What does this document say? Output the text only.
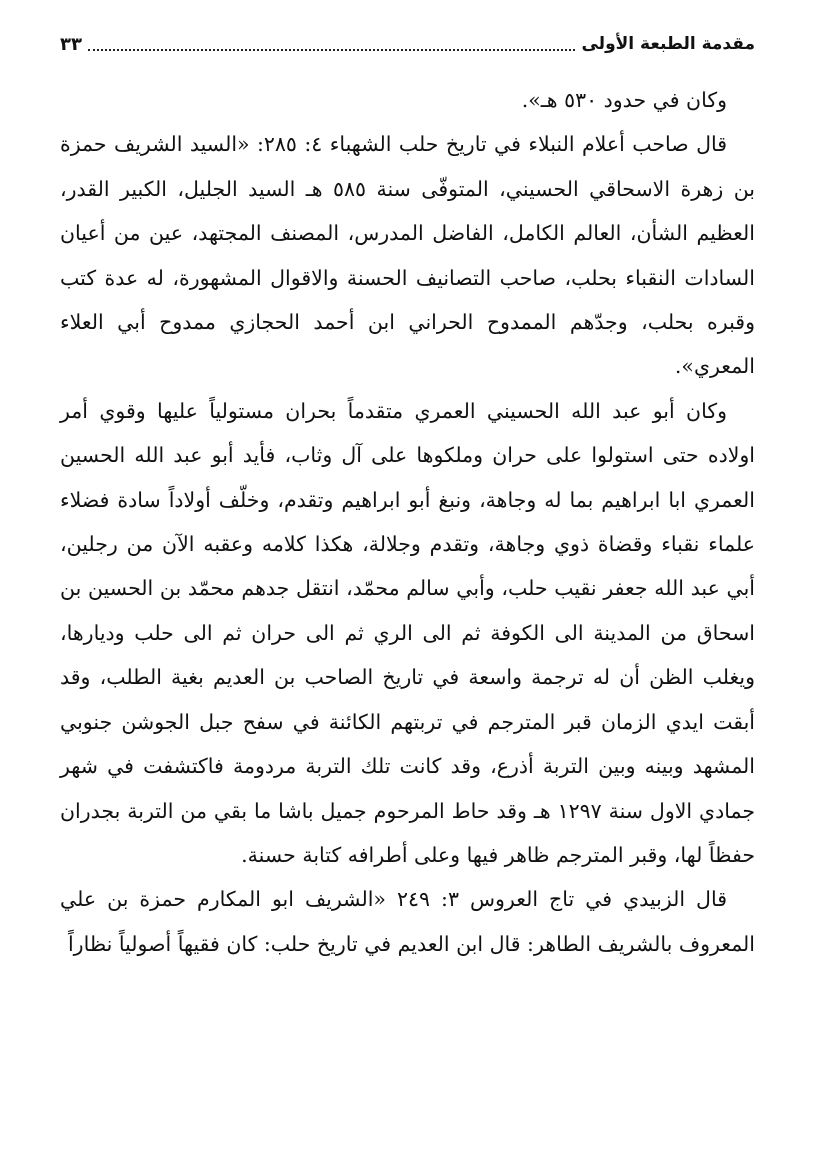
مقدمة الطبعة الأولى
٣٣

وكان في حدود ٥٣٠ هـ».

قال صاحب أعلام النبلاء في تاريخ حلب الشهباء ٤: ٢٨٥: «السيد الشريف حمزة بن زهرة الاسحاقي الحسيني، المتوفّى سنة ٥٨٥ هـ السيد الجليل، الكبير القدر، العظيم الشأن، العالم الكامل، الفاضل المدرس، المصنف المجتهد، عين من أعيان السادات النقباء بحلب، صاحب التصانيف الحسنة والاقوال المشهورة، له عدة كتب وقبره بحلب، وجدّهم الممدوح الحراني ابن أحمد الحجازي ممدوح أبي العلاء المعري».

وكان أبو عبد الله الحسيني العمري متقدماً بحران مستولياً عليها وقوي أمر اولاده حتى استولوا على حران وملكوها على آل وثاب، فأيد أبو عبد الله الحسين العمري ابا ابراهيم بما له وجاهة، ونبغ أبو ابراهيم وتقدم، وخلّف أولاداً سادة فضلاء علماء نقباء وقضاة ذوي وجاهة، وتقدم وجلالة، هكذا كلامه وعقبه الآن من رجلين، أبي عبد الله جعفر نقيب حلب، وأبي سالم محمّد، انتقل جدهم محمّد بن الحسين بن اسحاق من المدينة الى الكوفة ثم الى الري ثم الى حران ثم الى حلب وديارها، ويغلب الظن أن له ترجمة واسعة في تاريخ الصاحب بن العديم بغية الطلب، وقد أبقت ايدي الزمان قبر المترجم في تربتهم الكائنة في سفح جبل الجوشن جنوبي المشهد وبينه وبين التربة أذرع، وقد كانت تلك التربة مردومة فاكتشفت في شهر جمادي الاول سنة ١٢٩٧ هـ وقد حاط المرحوم جميل باشا ما بقي من التربة بجدران حفظاً لها، وقبر المترجم ظاهر فيها وعلى أطرافه كتابة حسنة.

قال الزبيدي في تاج العروس ٣: ٢٤٩ «الشريف ابو المكارم حمزة بن علي المعروف بالشريف الطاهر: قال ابن العديم في تاريخ حلب: كان فقيهاً أصولياً نظاراً
